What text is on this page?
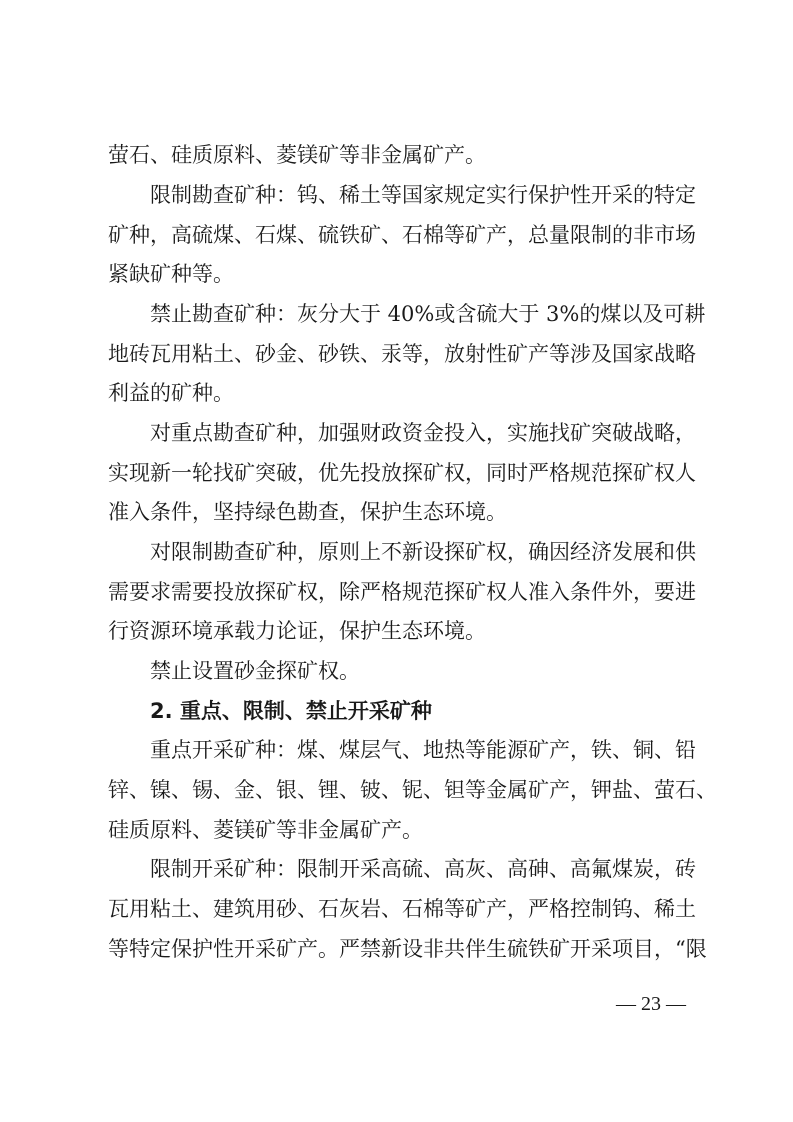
萤石、硅质原料、菱镁矿等非金属矿产。
限制勘查矿种：钨、稀土等国家规定实行保护性开采的特定
矿种，高硫煤、石煤、硫铁矿、石棉等矿产，总量限制的非市场
紧缺矿种等。
禁止勘查矿种：灰分大于 40%或含硫大于 3%的煤以及可耕
地砖瓦用粘土、砂金、砂铁、汞等，放射性矿产等涉及国家战略
利益的矿种。
对重点勘查矿种，加强财政资金投入，实施找矿突破战略，
实现新一轮找矿突破，优先投放探矿权，同时严格规范探矿权人
准入条件，坚持绿色勘查，保护生态环境。
对限制勘查矿种，原则上不新设探矿权，确因经济发展和供
需要求需要投放探矿权，除严格规范探矿权人准入条件外，要进
行资源环境承载力论证，保护生态环境。
禁止设置砂金探矿权。
2. 重点、限制、禁止开采矿种
重点开采矿种：煤、煤层气、地热等能源矿产，铁、铜、铅
锌、镍、锡、金、银、锂、铍、铌、钽等金属矿产，钾盐、萤石、
硅质原料、菱镁矿等非金属矿产。
限制开采矿种：限制开采高硫、高灰、高砷、高氟煤炭，砖
瓦用粘土、建筑用砂、石灰岩、石棉等矿产，严格控制钨、稀土
等特定保护性开采矿产。严禁新设非共伴生硫铁矿开采项目，“限
— 23 —
